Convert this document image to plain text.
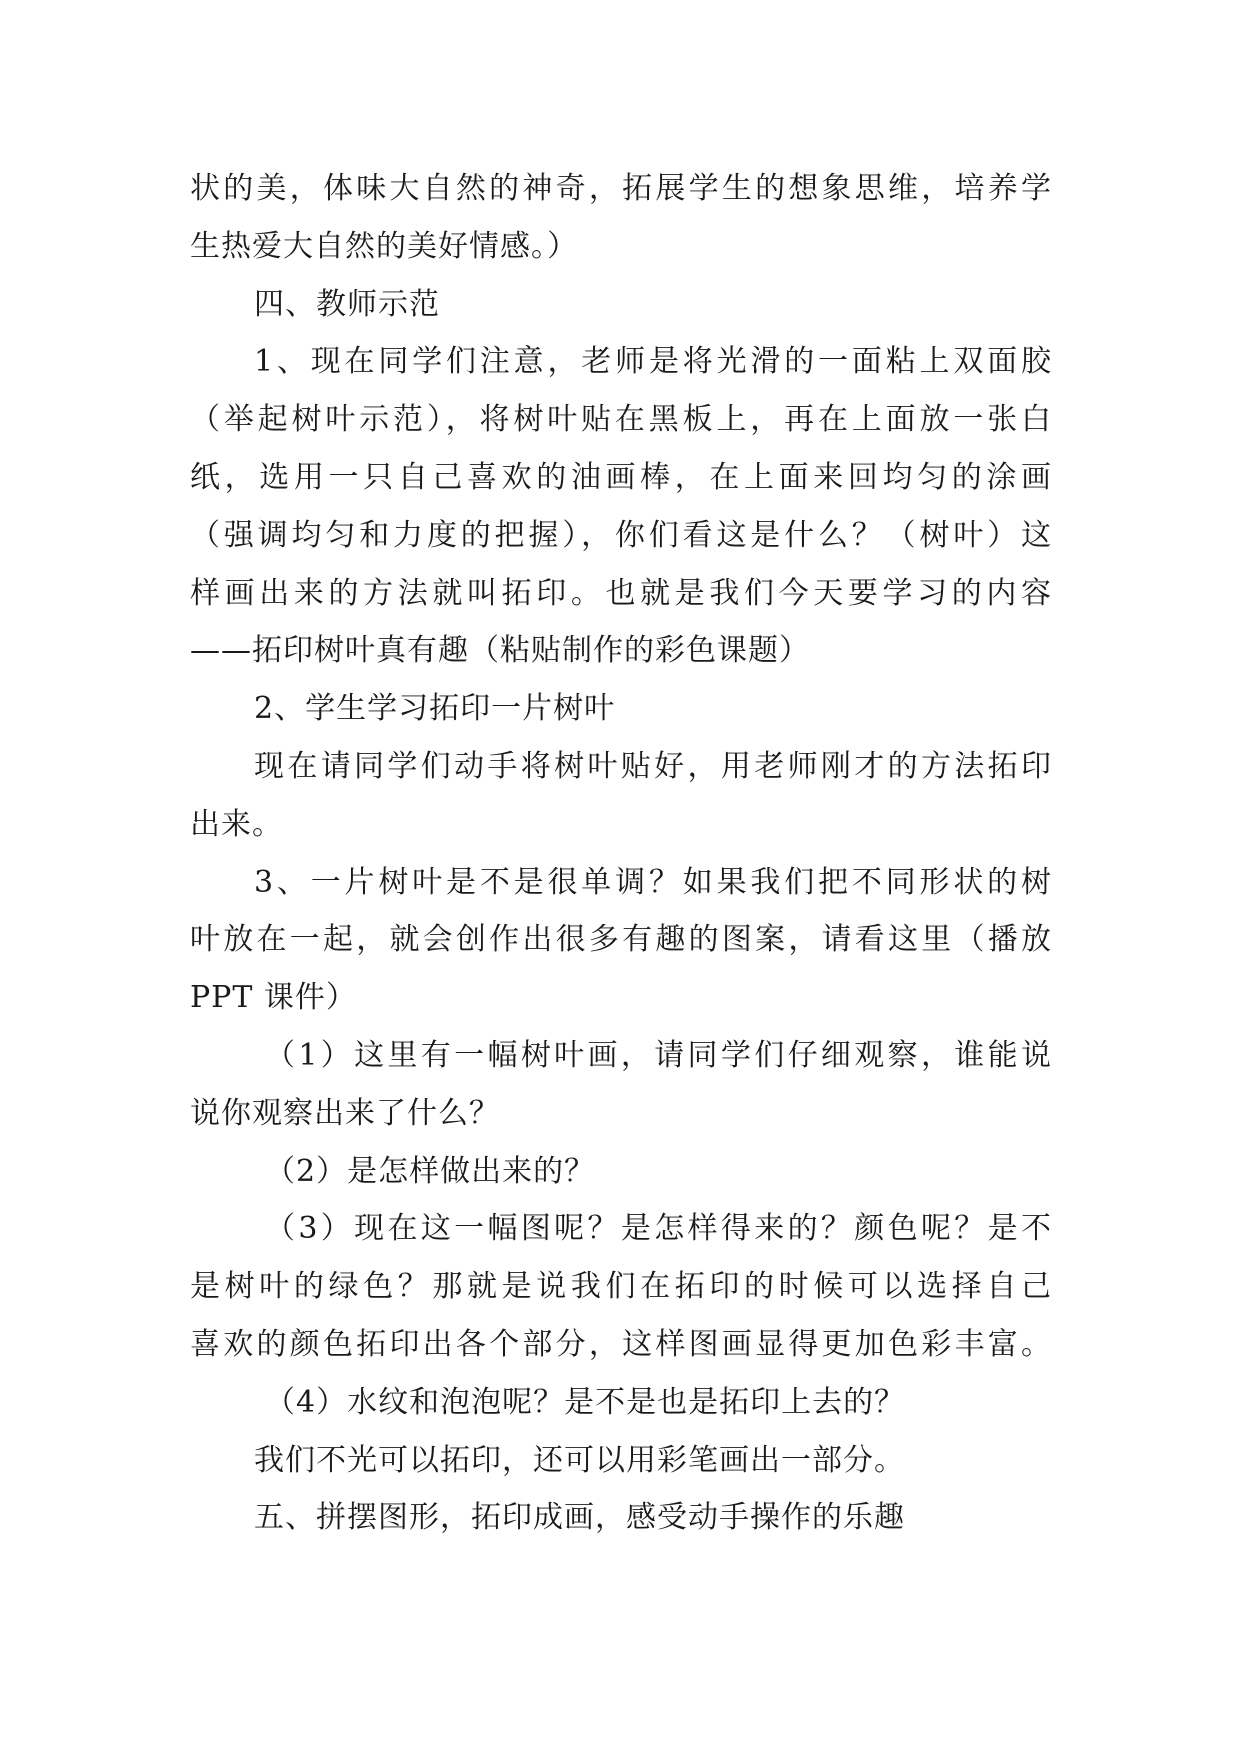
状的美，体味大自然的神奇，拓展学生的想象思维，培养学
生热爱大自然的美好情感。）
四、教师示范
1、现在同学们注意，老师是将光滑的一面粘上双面胶
（举起树叶示范），将树叶贴在黑板上，再在上面放一张白
纸，选用一只自己喜欢的油画棒，在上面来回均匀的涂画
（强调均匀和力度的把握），你们看这是什么？（树叶）这
样画出来的方法就叫拓印。也就是我们今天要学习的内容
——拓印树叶真有趣（粘贴制作的彩色课题）
2、学生学习拓印一片树叶
现在请同学们动手将树叶贴好，用老师刚才的方法拓印
出来。
3、一片树叶是不是很单调？如果我们把不同形状的树
叶放在一起，就会创作出很多有趣的图案，请看这里（播放
PPT 课件）
（1）这里有一幅树叶画，请同学们仔细观察，谁能说
说你观察出来了什么？
（2）是怎样做出来的？
（3）现在这一幅图呢？是怎样得来的？颜色呢？是不
是树叶的绿色？那就是说我们在拓印的时候可以选择自己
喜欢的颜色拓印出各个部分，这样图画显得更加色彩丰富。
（4）水纹和泡泡呢？是不是也是拓印上去的？
我们不光可以拓印，还可以用彩笔画出一部分。
五、拼摆图形，拓印成画，感受动手操作的乐趣
